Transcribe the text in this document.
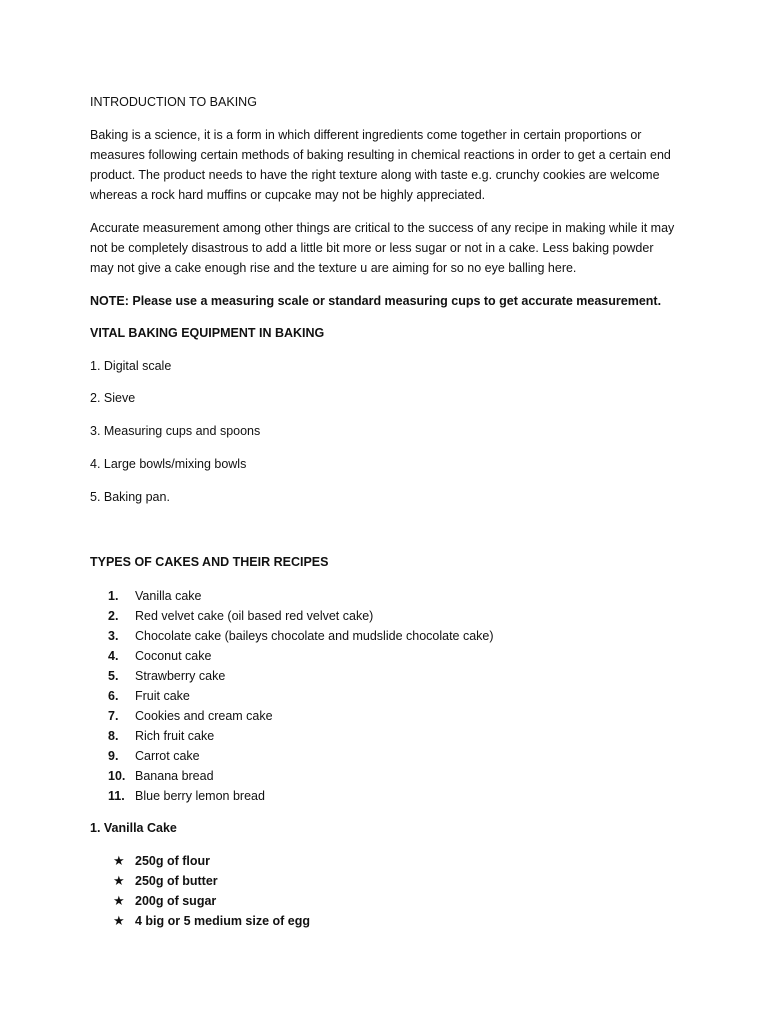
INTRODUCTION TO BAKING

Baking is a science, it is a form in which different ingredients come together in certain proportions or measures following certain methods of baking resulting in chemical reactions in order to get a certain end product. The product needs to have the right texture along with taste e.g. crunchy cookies are welcome whereas a rock hard muffins or cupcake may not be highly appreciated.

Accurate measurement among other things are critical to the success of any recipe in making while it may not be completely disastrous to add a little bit more or less sugar or not in a cake. Less baking powder may not give a cake enough rise and the texture u are aiming for so no eye balling here.

NOTE: Please use a measuring scale or standard measuring cups to get accurate measurement.

VITAL BAKING EQUIPMENT IN BAKING

1. Digital scale

2. Sieve

3. Measuring cups and spoons

4. Large bowls/mixing bowls

5. Baking pan.

TYPES OF CAKES AND THEIR RECIPES

1.	Vanilla cake
2.	Red velvet cake (oil based red velvet cake)
3.	Chocolate cake (baileys chocolate and mudslide chocolate cake)
4.	Coconut cake
5.	Strawberry cake
6.	Fruit cake
7.	Cookies and cream cake
8.	Rich fruit cake
9.	Carrot cake
10. Banana bread
11. Blue berry lemon bread

1. Vanilla Cake

★ 250g of flour
★ 250g of butter
★ 200g of sugar
★ 4 big or 5 medium size of egg
